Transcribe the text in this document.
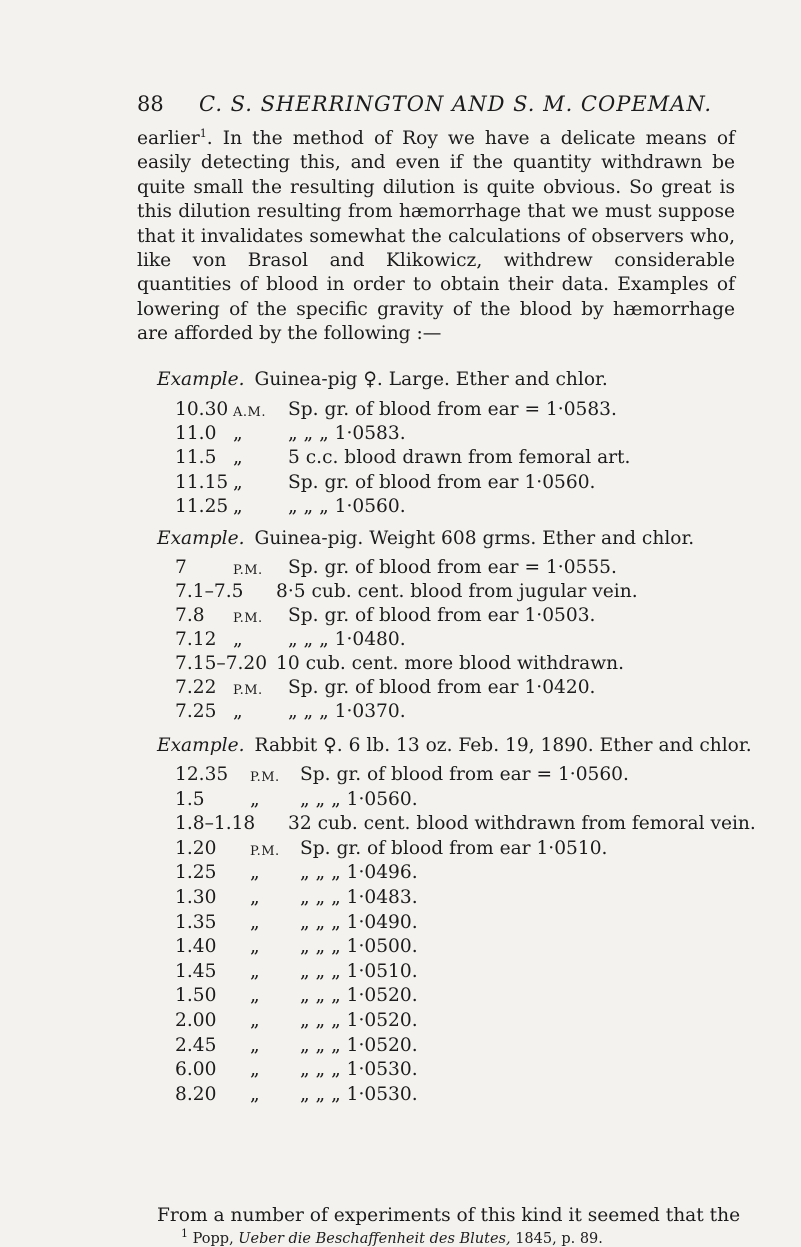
88 C. S. SHERRINGTON AND S. M. COPEMAN.

earlier$^1$. In the method of Roy we have a delicate means of easily detecting this, and even if the quantity withdrawn be quite small the resulting dilution is quite obvious. So great is this dilution resulting from hæmorrhage that we must suppose that it invalidates somewhat the calculations of observers who, like von Brasol and Klikowicz, withdrew considerable quantities of blood in order to obtain their data. Examples of lowering of the specific gravity of the blood by hæmorrhage are afforded by the following :—

Example. Guinea-pig ♀. Large. Ether and chlor.
10.30 A.M. Sp. gr. of blood from ear = 1·0583.
11.0 „ „ „ „ 1·0583.
11.5 „ 5 c.c. blood drawn from femoral art.
11.15 „ Sp. gr. of blood from ear 1·0560.
11.25 „ „ „ „ 1·0560.
Example. Guinea-pig. Weight 608 grms. Ether and chlor.
7	P.M. Sp. gr. of blood from ear = 1·0555.
7.1–7.5 8·5 cub. cent. blood from jugular vein.
7.8 P.M. Sp. gr. of blood from ear 1·0503.
7.12 „ „ „ „ 1·0480.
7.15–7.20 10 cub. cent. more blood withdrawn.
7.22 P.M. Sp. gr. of blood from ear 1·0420.
7.25 „ „ „ „ 1·0370.
Example. Rabbit ♀. 6 lb. 13 oz. Feb. 19, 1890. Ether and chlor.
12.35 P.M. Sp. gr. of blood from ear = 1·0560.
1.5 „ „ „ „ 1·0560.
1.8–1.18 32 cub. cent. blood withdrawn from femoral vein.
1.20	P.M. Sp. gr. of blood from ear 1·0510.
1.25 „ „ „ „ 1·0496.
1.30 „ „ „ „ 1·0483.
1.35 „ „ „ „ 1·0490.
1.40 „ „ „ „ 1·0500.
1.45 „ „ „ „ 1·0510.
1.50 „ „ „ „ 1·0520.
2.00 „ „ „ „ 1·0520.
2.45 „ „ „ „ 1·0520.
6.00 „ „ „ „ 1·0530.
8.20 „ „ „ „ 1·0530.
From a number of experiments of this kind it seemed that the
$^1$ Popp, Ueber die Beschaffenheit des Blutes, 1845, p. 89.
